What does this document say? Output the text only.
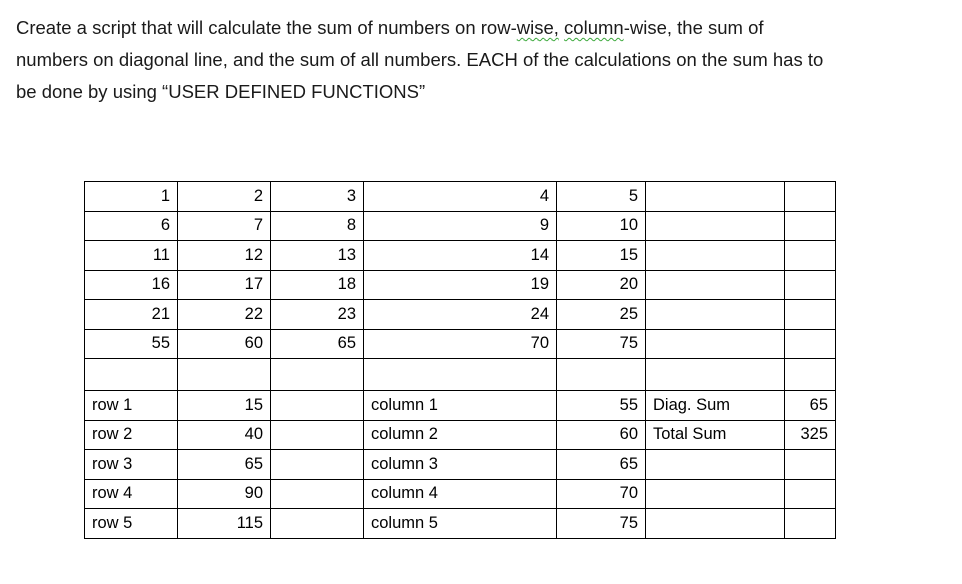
Create a script that will calculate the sum of numbers on row-wise, column-wise, the sum of

numbers on diagonal line, and the sum of all numbers. EACH of the calculations on the sum has to

be done by using “USER DEFINED FUNCTIONS”

1	2	3	4	5		
6	7	8	9	10		
11	12	13	14	15		
16	17	18	19	20		
21	22	23	24	25		
55	60	65	70	75		

row 1	15		column 1	55	Diag. Sum	65
row 2	40		column 2	60	Total Sum	325
row 3	65		column 3	65		
row 4	90		column 4	70		
row 5	115		column 5	75		
